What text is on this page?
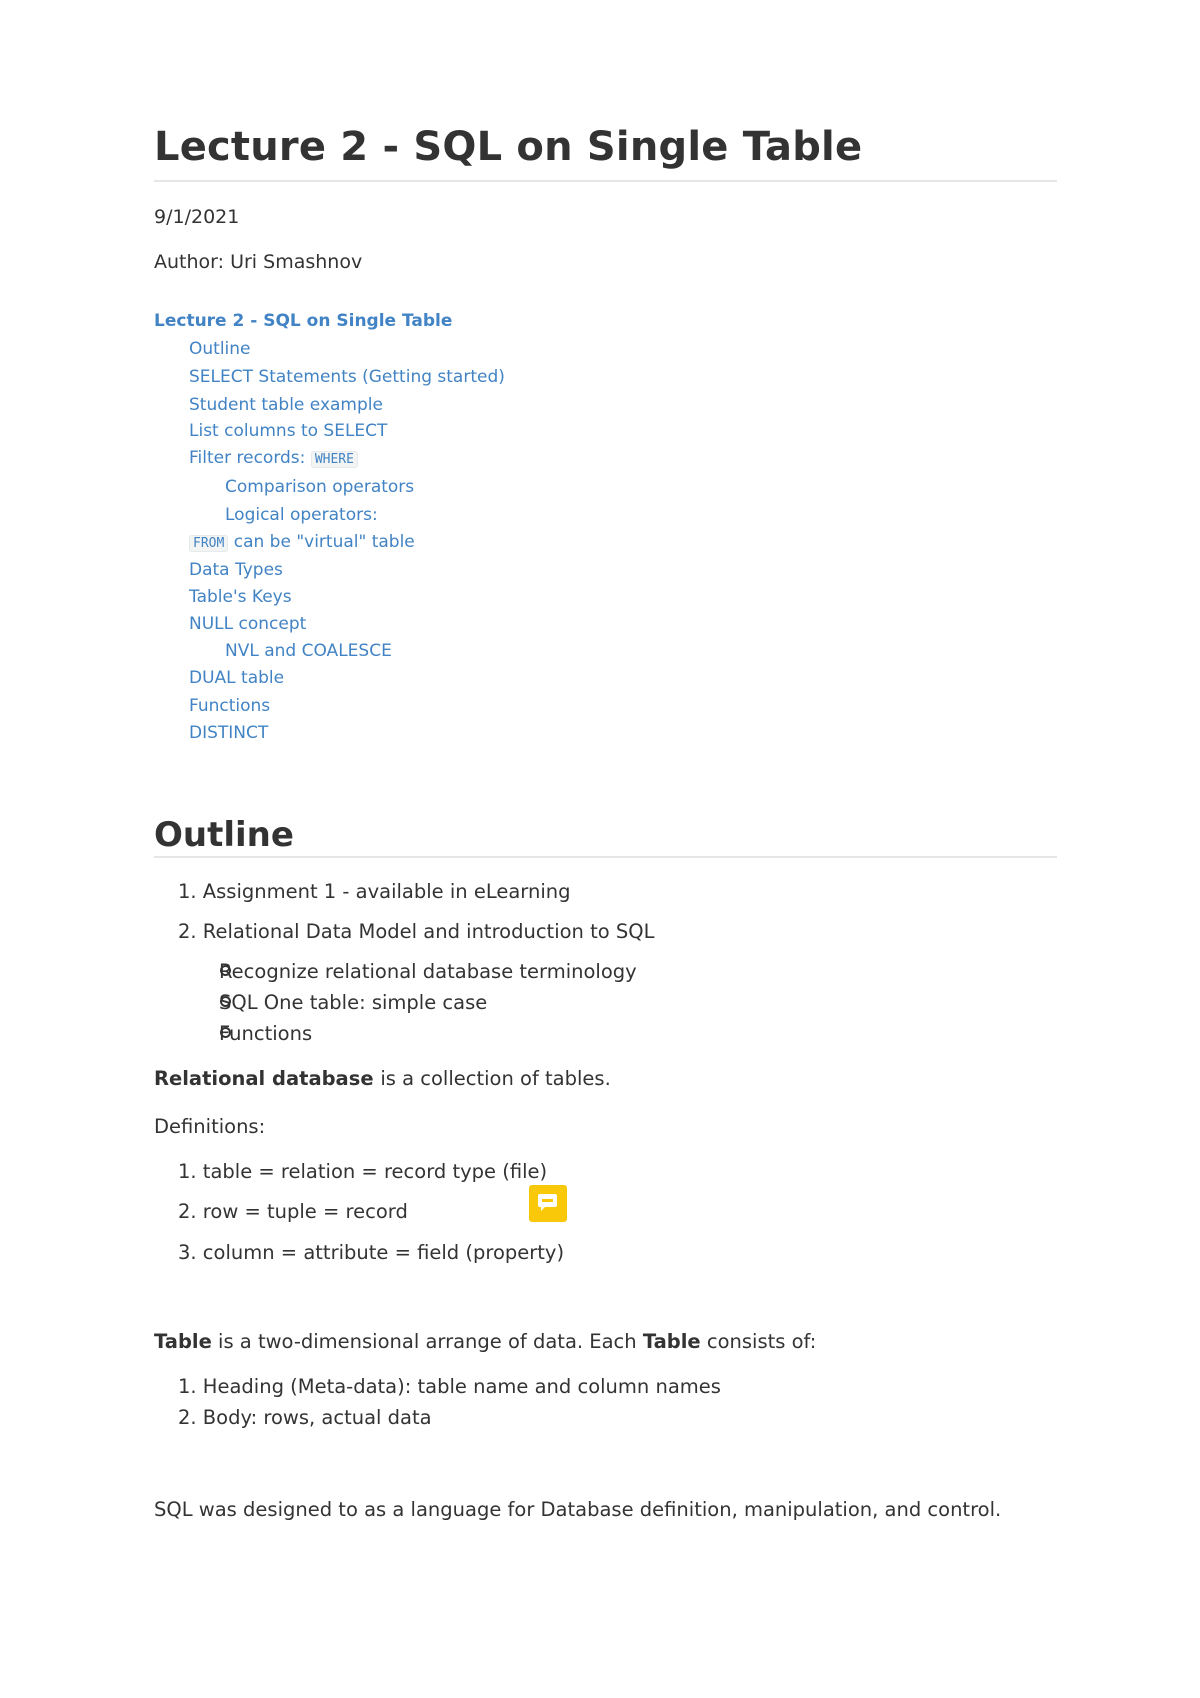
Lecture 2 - SQL on Single Table
9/1/2021
Author: Uri Smashnov
Lecture 2 - SQL on Single Table
Outline
SELECT Statements (Getting started)
Student table example
List columns to SELECT
Filter records: WHERE
Comparison operators
Logical operators:
FROM can be "virtual" table
Data Types
Table's Keys
NULL concept
NVL and COALESCE
DUAL table
Functions
DISTINCT
Outline
1. Assignment 1 - available in eLearning
2. Relational Data Model and introduction to SQL
Recognize relational database terminology
SQL One table: simple case
Functions
Relational database is a collection of tables.
Definitions:
1. table = relation = record type (file)
2. row = tuple = record
3. column = attribute = field (property)
Table is a two-dimensional arrange of data. Each Table consists of:
1. Heading (Meta-data): table name and column names
2. Body: rows, actual data
SQL was designed to as a language for Database definition, manipulation, and control.
